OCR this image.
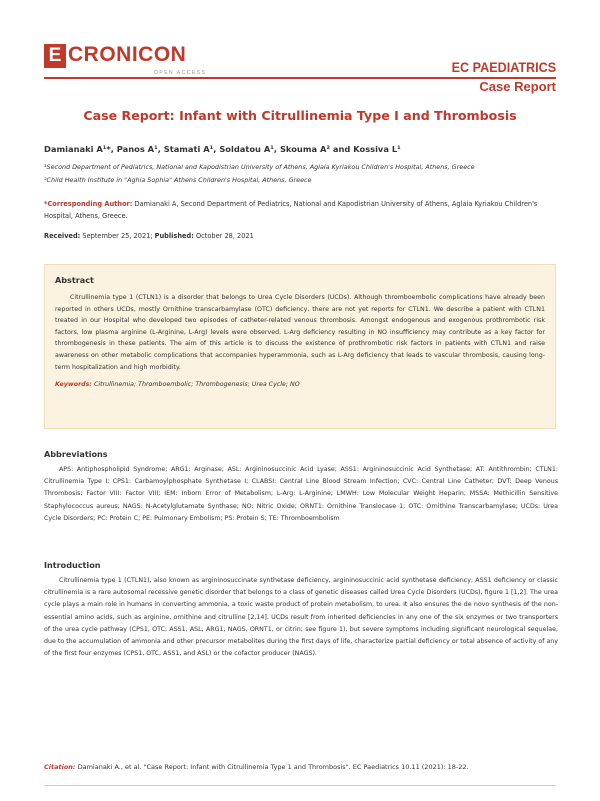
E CRONICON
OPEN ACCESS	EC PAEDIATRICS
Case Report
Case Report: Infant with Citrullinemia Type I and Thrombosis
Damianaki A¹*, Panos A¹, Stamati A¹, Soldatou A¹, Skouma A² and Kossiva L¹
¹Second Department of Pediatrics, National and Kapodistrian University of Athens, Aglaia Kyriakou Children's Hospital, Athens, Greece
²Child Health Institute in "Aghia Sophia" Athens Children's Hospital, Athens, Greece
*Corresponding Author: Damianaki A, Second Department of Pediatrics, National and Kapodistrian University of Athens, Aglaia Kyriakou Children's Hospital, Athens, Greece.
Received: September 25, 2021; Published: October 28, 2021
Abstract
Citrullinemia type 1 (CTLN1) is a disorder that belongs to Urea Cycle Disorders (UCDs). Although thromboembolic complications have already been reported in others UCDs, mostly Ornithine transcarbamylase (OTC) deficiency, there are not yet reports for CTLN1. We describe a patient with CTLN1 treated in our Hospital who developed two episodes of catheter-related venous thrombosis. Amongst endogenous and exogenous prothrombotic risk factors, low plasma arginine (L-Arginine, L-Arg) levels were observed. L-Arg deficiency resulting in NO insufficiency may contribute as a key factor for thrombogenesis in these patients. The aim of this article is to discuss the existence of prothrombotic risk factors in patients with CTLN1 and raise awareness on other metabolic complications that accompanies hyperammonia, such as L-Arg deficiency that leads to vascular thrombosis, causing long-term hospitalization and high morbidity.
Keywords: Citrullinemia; Thromboembolic; Thrombogenesis; Urea Cycle; NO
Abbreviations
APS: Antiphospholipid Syndrome; ARG1: Arginase; ASL: Argininosuccinic Acid Lyase; ASS1: Argininosuccinic Acid Synthetase; AT: Antithrombin; CTLN1: Citrullinemia Type I; CPS1: Carbamoylphosphate Synthetase I; CLABSI: Central Line Blood Stream Infection; CVC: Central Line Catheter; DVT: Deep Venous Thrombosis; Factor VIII: Factor VIII; IEM: Inborn Error of Metabolism; L-Arg: L-Arginine; LMWH: Low Molecular Weight Heparin; MSSA: Methicillin Sensitive Staphylococcus aureus; NAGS: N-Acetylglutamate Synthase; NO: Nitric Oxide; ORNT1: Ornithine Translocase 1; OTC: Ornithine Transcarbamylase; UCDs: Urea Cycle Disorders; PC: Protein C; PE: Pulmonary Embolism; PS: Protein S; TE: Thromboembolism
Introduction
Citrullinemia type 1 (CTLN1), also known as argininosuccinate synthetase deficiency, argininosuccinic acid synthetase deficiency, ASS1 deficiency or classic citrullinemia is a rare autosomal recessive genetic disorder that belongs to a class of genetic diseases called Urea Cycle Disorders (UCDs), figure 1 [1,2]. The urea cycle plays a main role in humans in converting ammonia, a toxic waste product of protein metabolism, to urea. It also ensures the de novo synthesis of the non-essential amino acids, such as arginine, ornithine and citrulline [2,14]. UCDs result from inherited deficiencies in any one of the six enzymes or two transporters of the urea cycle pathway (CPS1, OTC, ASS1, ASL, ARG1, NAGS, ORNT1, or citrin; see figure 1), but severe symptoms including significant neurological sequelae, due to the accumulation of ammonia and other precursor metabolites during the first days of life, characterize partial deficiency or total absence of activity of any of the first four enzymes (CPS1, OTC, ASS1, and ASL) or the cofactor producer (NAGS).
Citation: Damianaki A., et al. "Case Report: Infant with Citrullinemia Type 1 and Thrombosis". EC Paediatrics 10.11 (2021): 18-22.
